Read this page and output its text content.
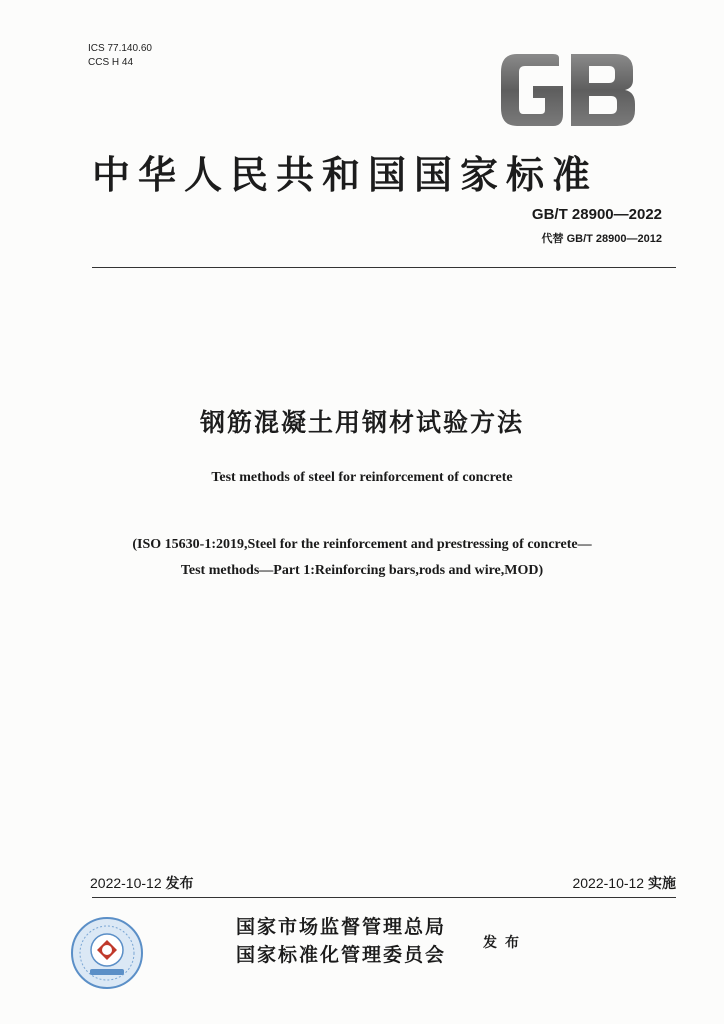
ICS 77.140.60
CCS H 44
中华人民共和国国家标准
GB/T 28900—2022
代替 GB/T 28900—2012
钢筋混凝土用钢材试验方法
Test methods of steel for reinforcement of concrete
(ISO 15630-1:2019,Steel for the reinforcement and prestressing of concrete—
Test methods—Part 1:Reinforcing bars,rods and wire,MOD)
2022-10-12 发布	2022-10-12 实施
国家市场监督管理总局
国家标准化管理委员会
发布
